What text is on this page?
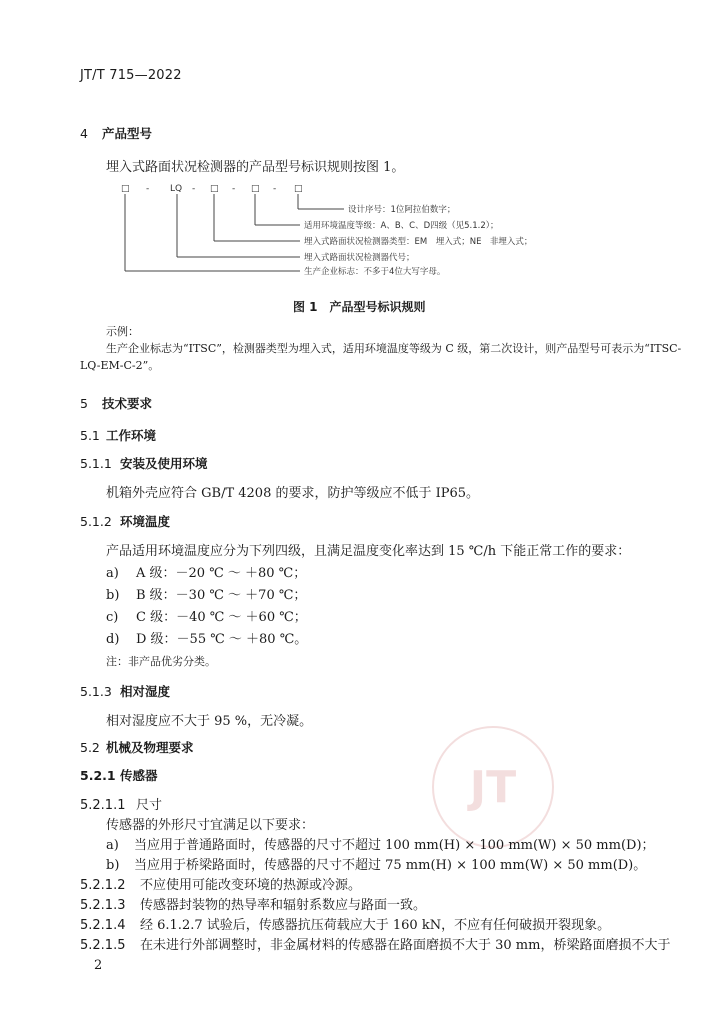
JT
JT/T 715—2022
4 产品型号
埋入式路面状况检测器的产品型号标识规则按图 1。
□ - LQ - □ - □ - □
设计序号：1位阿拉伯数字；
适用环境温度等级：A、B、C、D四级（见5.1.2）；
埋入式路面状况检测器类型：EM　埋入式；NE　非埋入式；
埋入式路面状况检测器代号；
生产企业标志：不多于4位大写字母。
图 1　产品型号标识规则
示例：
生产企业标志为“ITSC”，检测器类型为埋入式，适用环境温度等级为 C 级，第二次设计，则产品型号可表示为“ITSC-
LQ-EM-C-2”。
5 技术要求
5.1 工作环境
5.1.1 安装及使用环境
机箱外壳应符合 GB/T 4208 的要求，防护等级应不低于 IP65。
5.1.2 环境温度
产品适用环境温度应分为下列四级，且满足温度变化率达到 15 ℃/h 下能正常工作的要求：
a) A 级：－20 ℃ ～ ＋80 ℃；
b) B 级：－30 ℃ ～ ＋70 ℃；
c) C 级：－40 ℃ ～ ＋60 ℃；
d) D 级：－55 ℃ ～ ＋80 ℃。
注：非产品优劣分类。
5.1.3 相对湿度
相对湿度应不大于 95 %，无冷凝。
5.2 机械及物理要求
5.2.1 传感器
5.2.1.1 尺寸
传感器的外形尺寸宜满足以下要求：
a) 当应用于普通路面时，传感器的尺寸不超过 100 mm(H) × 100 mm(W) × 50 mm(D)；
b) 当应用于桥梁路面时，传感器的尺寸不超过 75 mm(H) × 100 mm(W) × 50 mm(D)。
5.2.1.2 不应使用可能改变环境的热源或冷源。
5.2.1.3 传感器封装物的热导率和辐射系数应与路面一致。
5.2.1.4 经 6.1.2.7 试验后，传感器抗压荷载应大于 160 kN，不应有任何破损开裂现象。
5.2.1.5 在未进行外部调整时，非金属材料的传感器在路面磨损不大于 30 mm，桥梁路面磨损不大于
2
